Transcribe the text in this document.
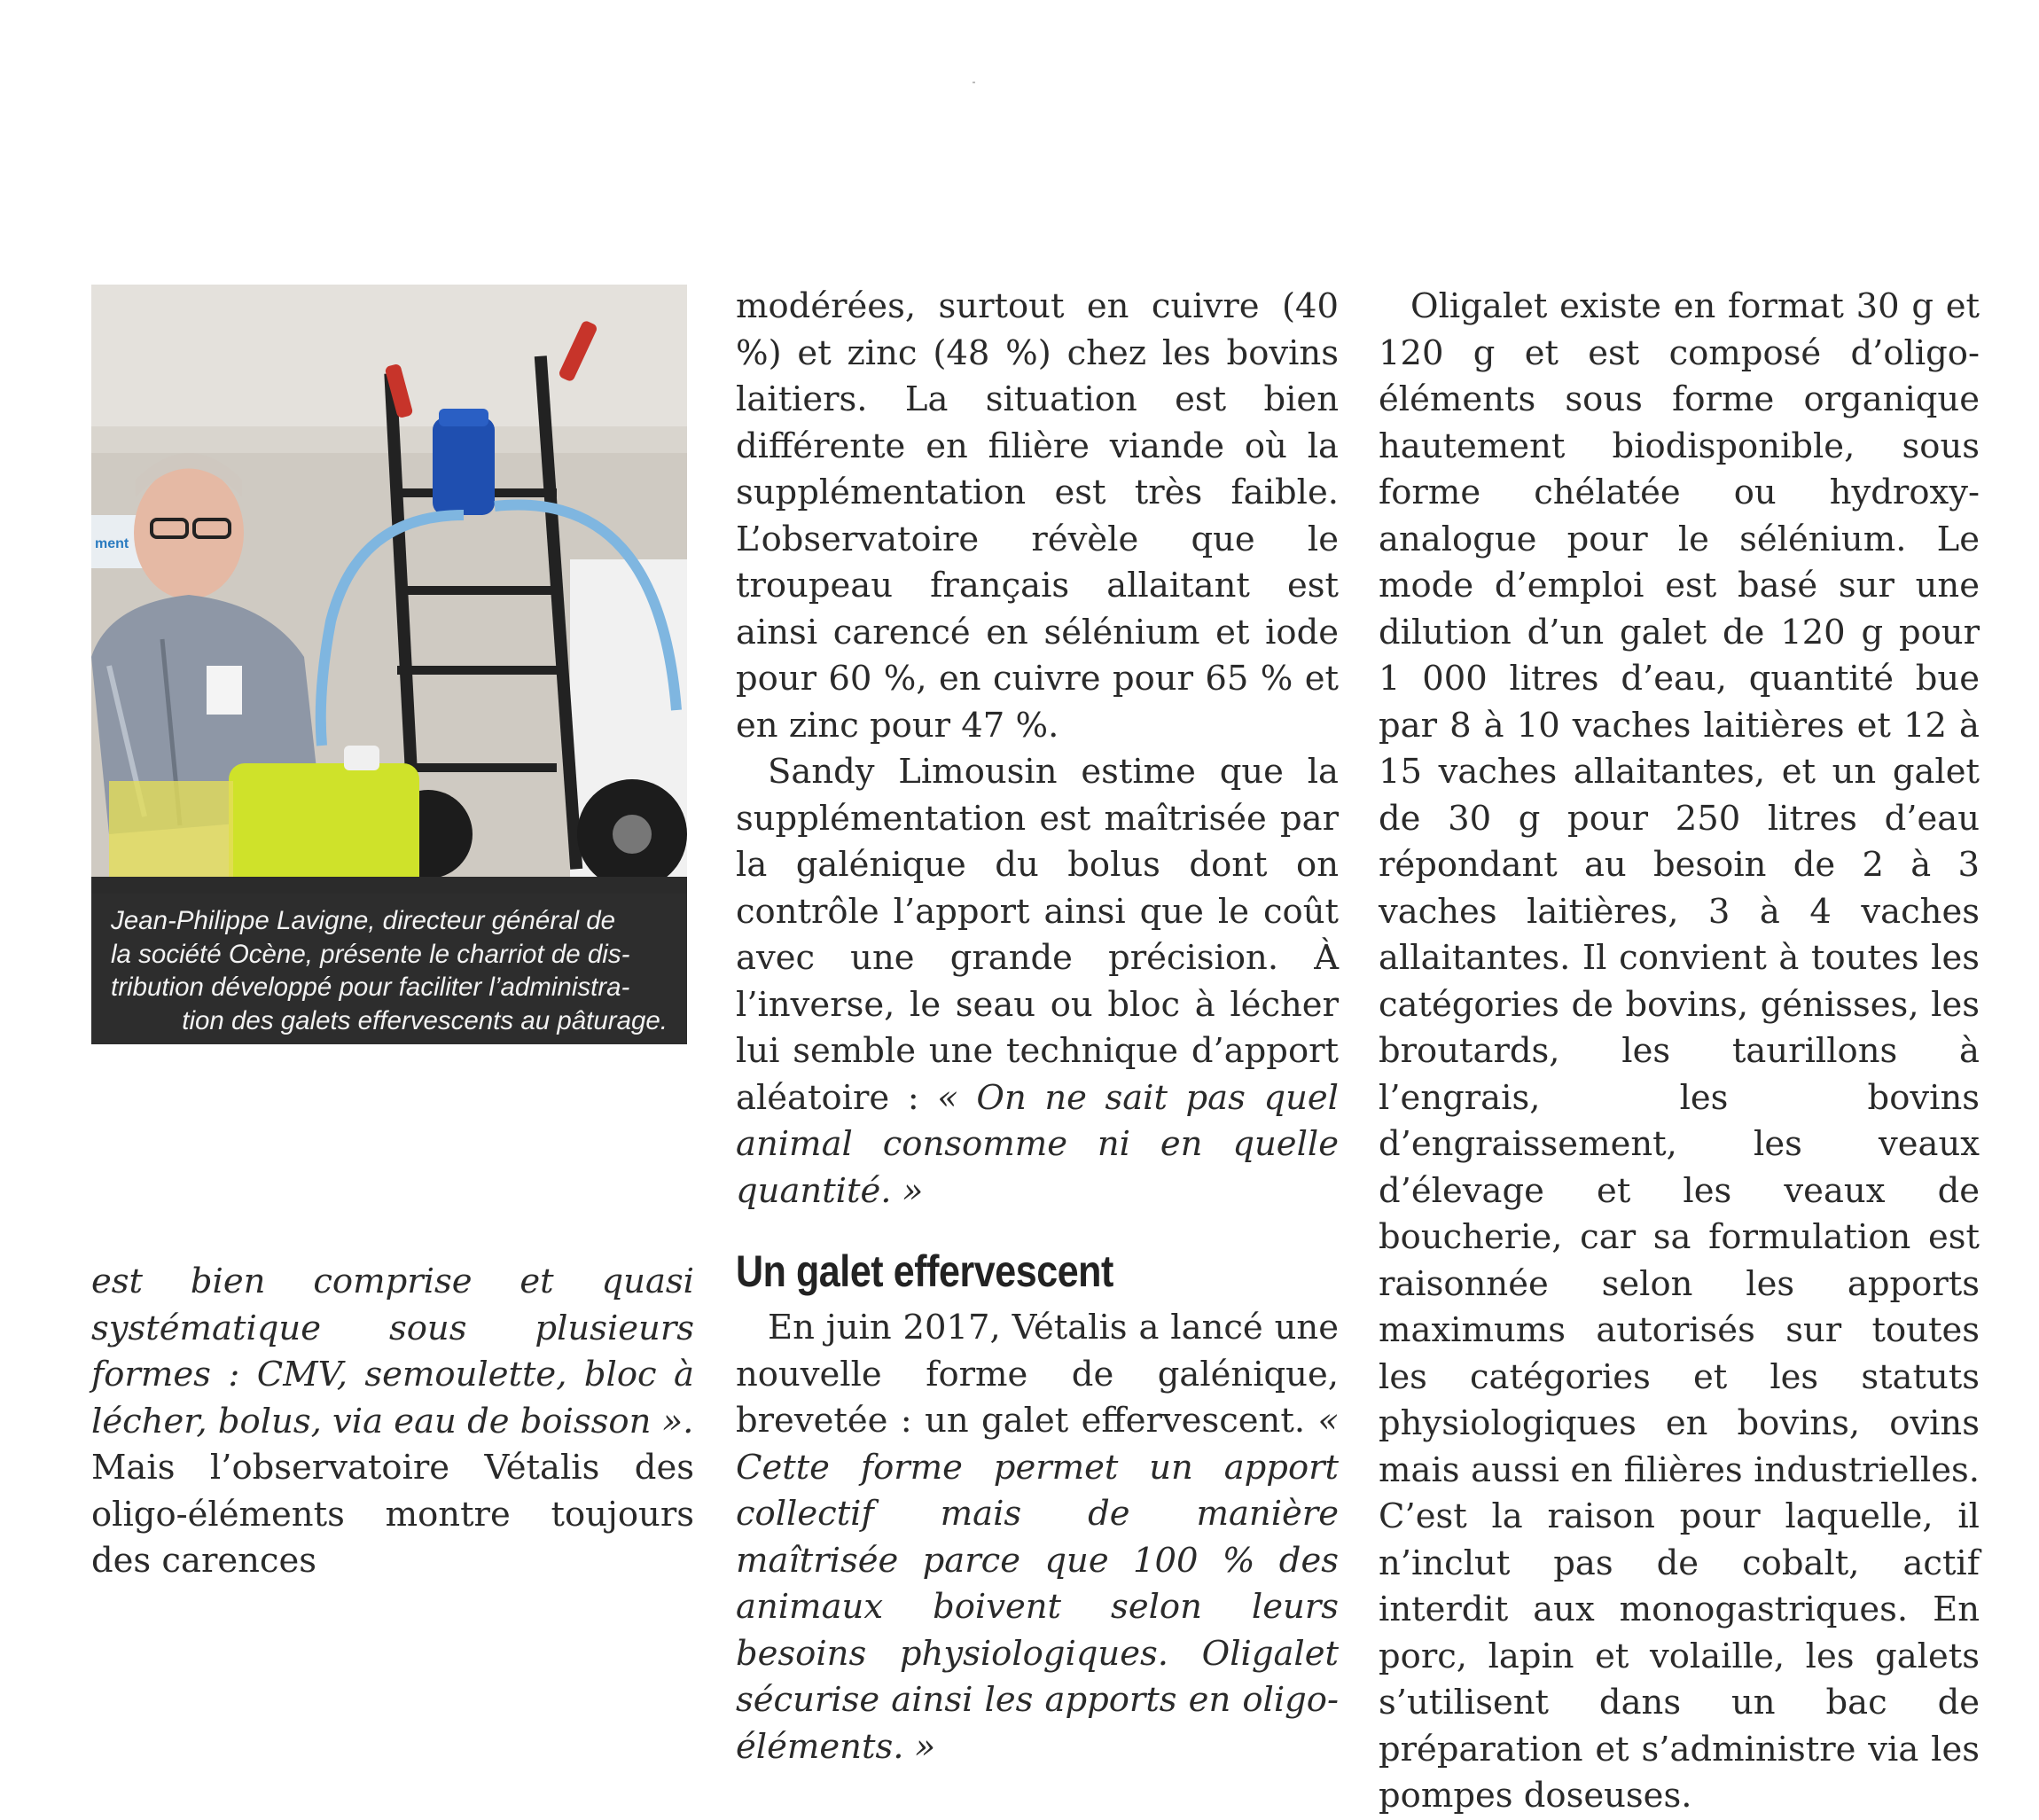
ment
Jean-Philippe Lavigne, directeur général de
la société Ocène, présente le charriot de dis-
tribution développé pour faciliter l’administra-
tion des galets effervescents au pâturage.

est bien comprise et quasi systématique sous plusieurs formes : CMV, semoulette, bloc à lécher, bolus, via eau de boisson ».

Mais l’observatoire Vétalis des oligo-éléments montre toujours des carences

modérées, surtout en cuivre (40 %) et zinc (48 %) chez les bovins laitiers. La situation est bien différente en filière viande où la supplémentation est très faible. L’observatoire révèle que le troupeau français allaitant est ainsi carencé en sélénium et iode pour 60 %, en cuivre pour 65 % et en zinc pour 47 %.

Sandy Limousin estime que la supplémentation est maîtrisée par la galénique du bolus dont on contrôle l’apport ainsi que le coût avec une grande précision. À l’inverse, le seau ou bloc à lécher lui semble une technique d’apport aléatoire : « On ne sait pas quel animal consomme ni en quelle quantité. »

Un galet effervescent

En juin 2017, Vétalis a lancé une nouvelle forme de galénique, brevetée : un galet effervescent. « Cette forme permet un apport collectif mais de manière maîtrisée parce que 100 % des animaux boivent selon leurs besoins physiologiques. Oligalet sécurise ainsi les apports en oligo-éléments. »

Oligalet existe en format 30 g et 120 g et est composé d’oligo-éléments sous forme organique hautement biodisponible, sous forme chélatée ou hydroxy-analogue pour le sélénium. Le mode d’emploi est basé sur une dilution d’un galet de 120 g pour 1 000 litres d’eau, quantité bue par 8 à 10 vaches laitières et 12 à 15 vaches allaitantes, et un galet de 30 g pour 250 litres d’eau répondant au besoin de 2 à 3 vaches laitières, 3 à 4 vaches allaitantes. Il convient à toutes les catégories de bovins, génisses, les broutards, les taurillons à l’engrais, les bovins d’engraissement, les veaux d’élevage et les veaux de boucherie, car sa formulation est raisonnée selon les apports maximums autorisés sur toutes les catégories et les statuts physiologiques en bovins, ovins mais aussi en filières industrielles. C’est la raison pour laquelle, il n’inclut pas de cobalt, actif interdit aux monogastriques. En porc, lapin et volaille, les galets s’utilisent dans un bac de préparation et s’administre via les pompes doseuses.
